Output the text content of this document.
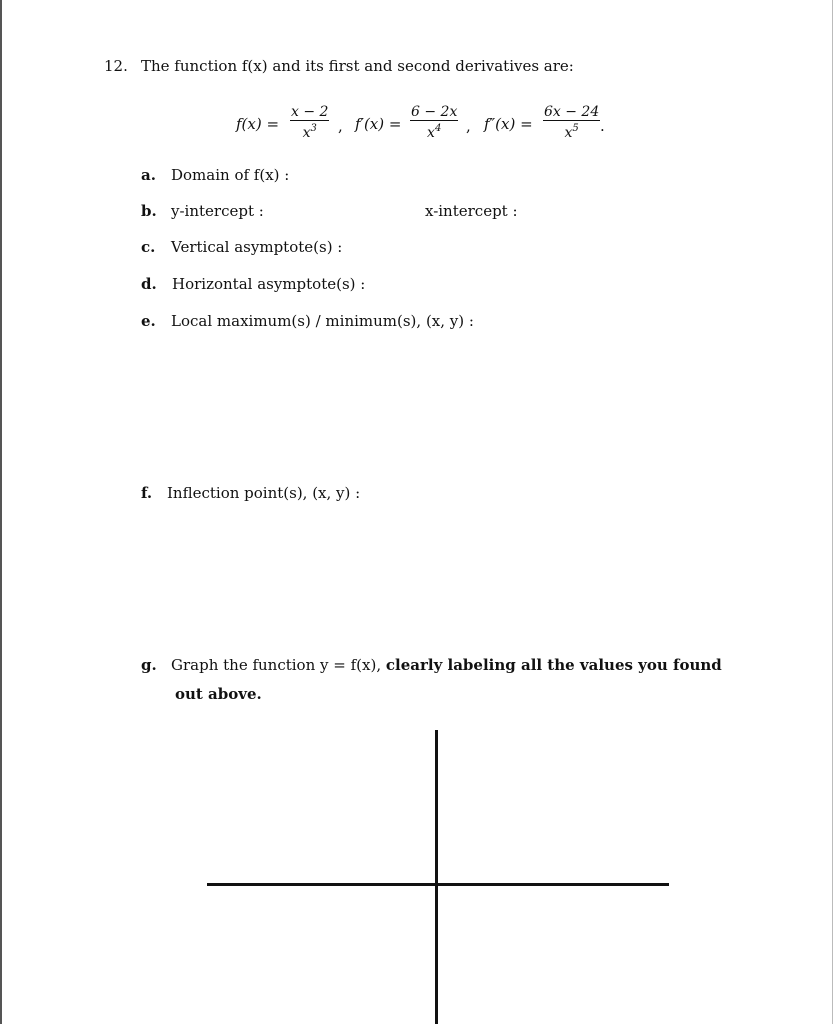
12. The function f(x) and its first and second derivatives are:
f(x) =
x − 2
$x^3$ , f′(x) =
6 − 2x
$x^4$ , f″(x) =
6x − 24
$x^5$ .
a. Domain of f(x) :
b. y-intercept :	x-intercept :
c. Vertical asymptote(s) :
d. Horizontal asymptote(s) :
e. Local maximum(s) / minimum(s), (x, y) :
f. Inflection point(s), (x, y) :
g. Graph the function y = f(x), clearly labeling all the values you found
out above.
